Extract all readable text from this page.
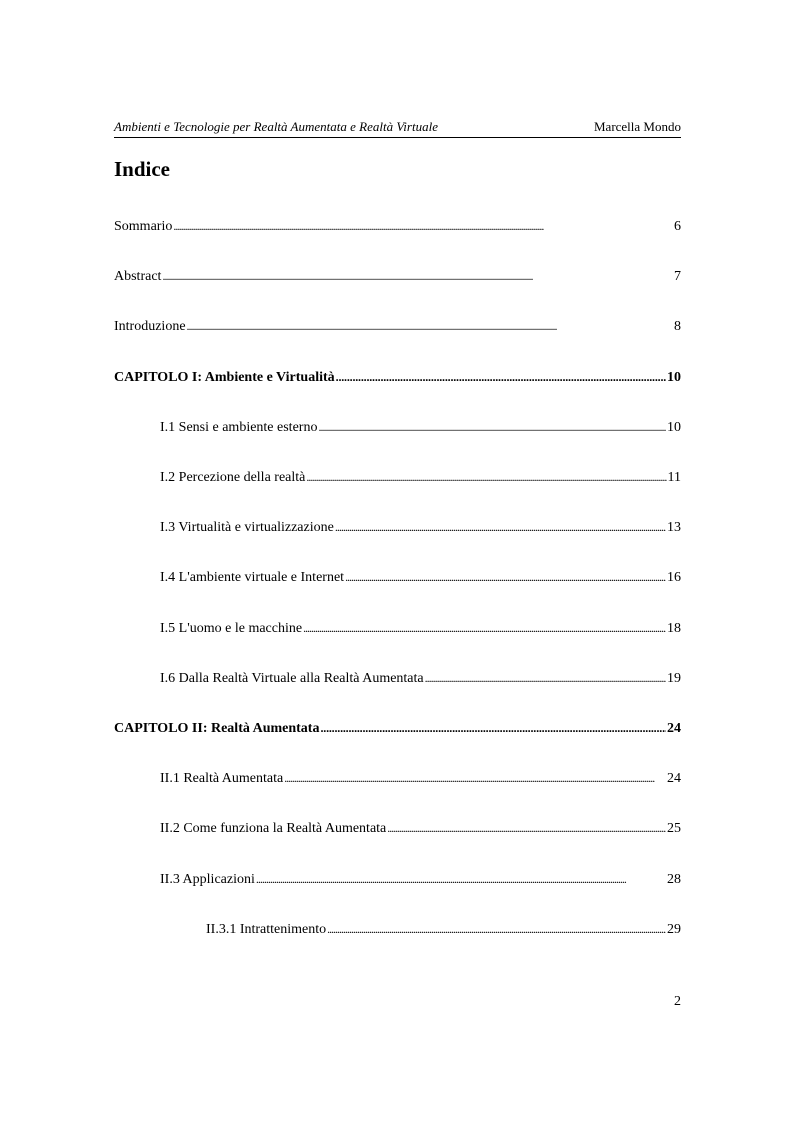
Ambienti e Tecnologie per Realtà Aumentata e Realtà Virtuale	Marcella Mondo
Indice
Sommario . . .	6
Abstract . . .	7
Introduzione . . .	8
CAPITOLO I: Ambiente e Virtualità . . .	10
I.1 Sensi e ambiente esterno . . .	10
I.2 Percezione della realtà . . .	11
I.3 Virtualità e virtualizzazione . . .	13
I.4 L'ambiente virtuale e Internet . . .	16
I.5 L'uomo e le macchine . . .	18
I.6 Dalla Realtà Virtuale alla Realtà Aumentata . . .	19
CAPITOLO II: Realtà Aumentata . . .	24
II.1 Realtà Aumentata . . .	24
II.2 Come funziona la Realtà Aumentata . . .	25
II.3 Applicazioni . . .	28
II.3.1 Intrattenimento . . .	29
2
